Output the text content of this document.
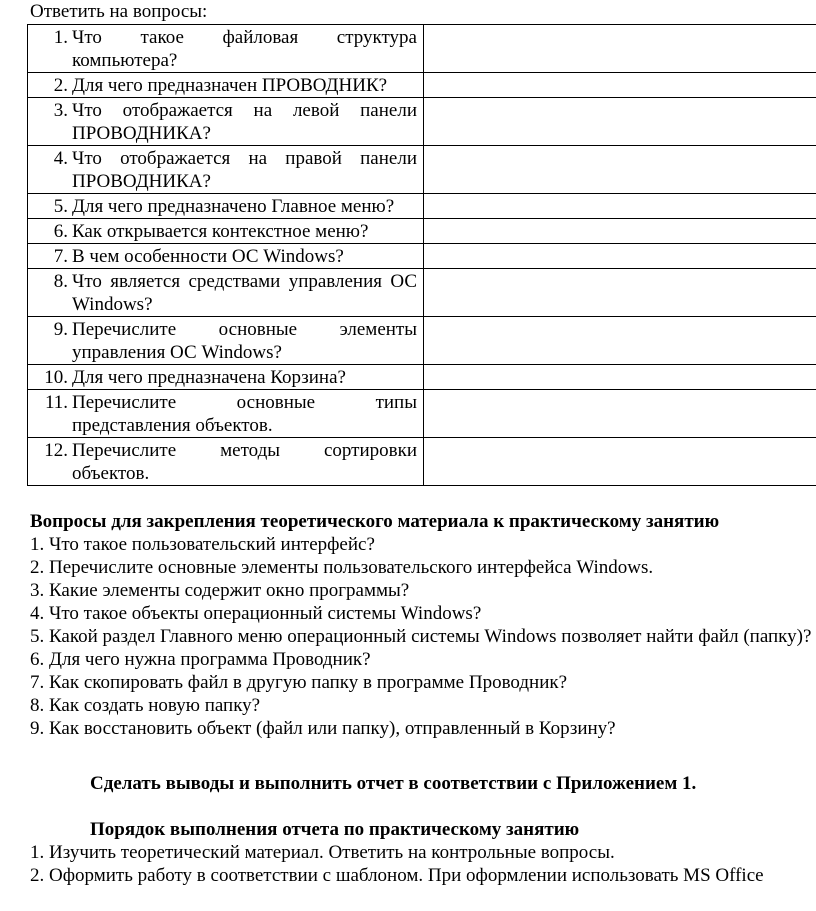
Ответить на вопросы:
1. Что такое файловая структура компьютера?	

2. Для чего предназначен ПРОВОДНИК?	

3. Что отображается на левой панели ПРОВОДНИКА?	

4. Что отображается на правой панели ПРОВОДНИКА?	

5. Для чего предназначено Главное меню?	

6. Как открывается контекстное меню?	

7. В чем особенности ОС Windows?	

8. Что является средствами управления ОС Windows?	

9. Перечислите основные элементы управления ОС Windows?	

10. Для чего предназначена Корзина?	

11. Перечислите основные типы представления объектов.	

12. Перечислите методы сортировки объектов.	

Вопросы для закрепления теоретического материала к практическому занятию
1. Что такое пользовательский интерфейс?
2. Перечислите основные элементы пользовательского интерфейса Windows.
3. Какие элементы содержит окно программы?
4. Что такое объекты операционный системы Windows?
5. Какой раздел Главного меню операционный системы Windows позволяет найти файл (папку)?
6. Для чего нужна программа Проводник?
7. Как скопировать файл в другую папку в программе Проводник?
8. Как создать новую папку?
9. Как восстановить объект (файл или папку), отправленный в Корзину?
Сделать выводы и выполнить отчет в соответствии с Приложением 1.
Порядок выполнения отчета по практическому занятию
1. Изучить теоретический материал. Ответить на контрольные вопросы.
2. Оформить работу в соответствии с шаблоном. При оформлении использовать MS Office
